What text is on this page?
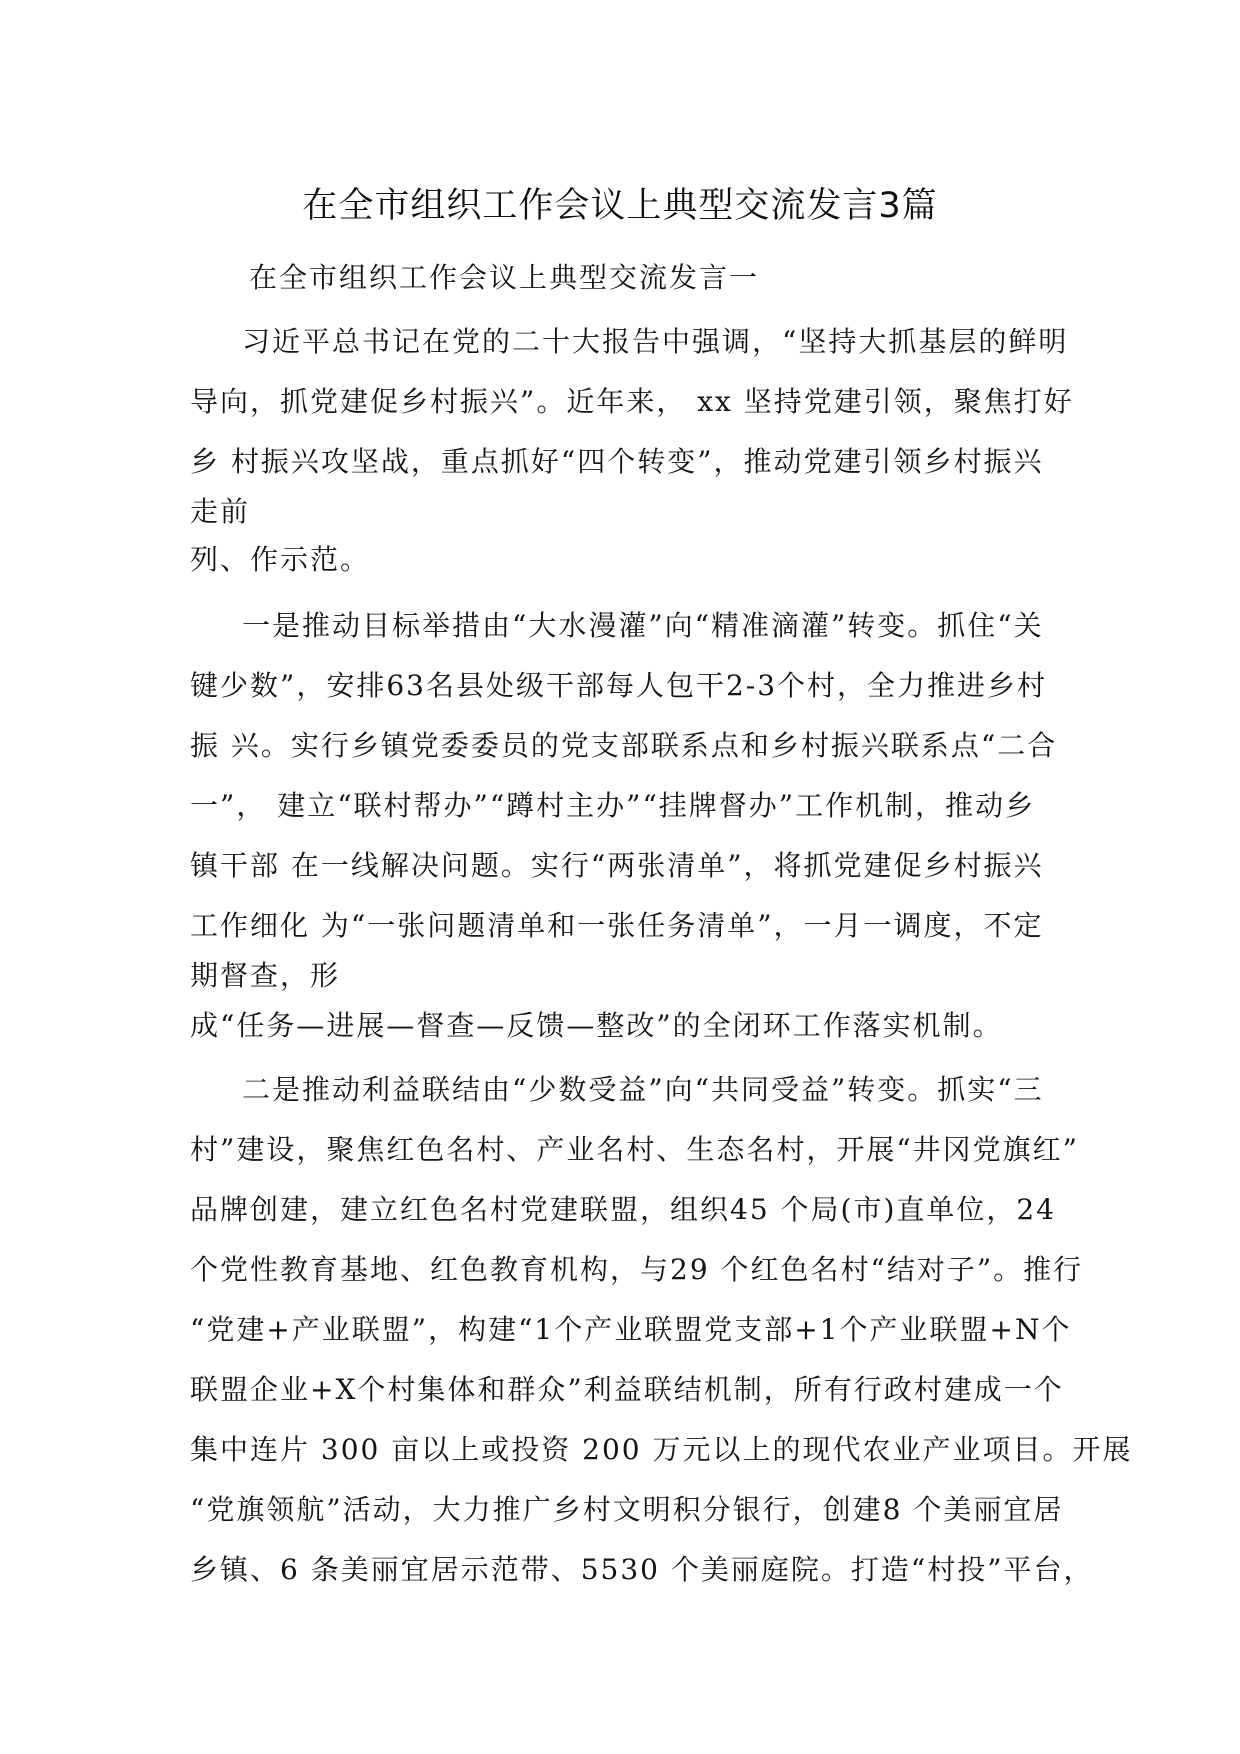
在全市组织工作会议上典型交流发言3篇
在全市组织工作会议上典型交流发言一
习近平总书记在党的二十大报告中强调，“坚持大抓基层的鲜明
导向，抓党建促乡村振兴”。近年来， xx 坚持党建引领，聚焦打好
乡 村振兴攻坚战，重点抓好“四个转变”，推动党建引领乡村振兴
走前
列、作示范。
一是推动目标举措由“大水漫灌”向“精准滴灌”转变。抓住“关
键少数”，安排63名县处级干部每人包干2-3个村，全力推进乡村
振 兴。实行乡镇党委委员的党支部联系点和乡村振兴联系点“二合
一”， 建立“联村帮办”“蹲村主办”“挂牌督办”工作机制，推动乡
镇干部 在一线解决问题。实行“两张清单”，将抓党建促乡村振兴
工作细化 为“一张问题清单和一张任务清单”，一月一调度，不定
期督查，形
成“任务—进展—督查—反馈—整改”的全闭环工作落实机制。
二是推动利益联结由“少数受益”向“共同受益”转变。抓实“三
村”建设，聚焦红色名村、产业名村、生态名村，开展“井冈党旗红”
品牌创建，建立红色名村党建联盟，组织45 个局(市)直单位，24
个党性教育基地、红色教育机构，与29 个红色名村“结对子”。推行
“党建+产业联盟”，构建“1个产业联盟党支部+1个产业联盟+N个
联盟企业+X个村集体和群众”利益联结机制，所有行政村建成一个
集中连片 300 亩以上或投资 200 万元以上的现代农业产业项目。开展
“党旗领航”活动，大力推广乡村文明积分银行，创建8 个美丽宜居
乡镇、6 条美丽宜居示范带、5530 个美丽庭院。打造“村投”平台，
